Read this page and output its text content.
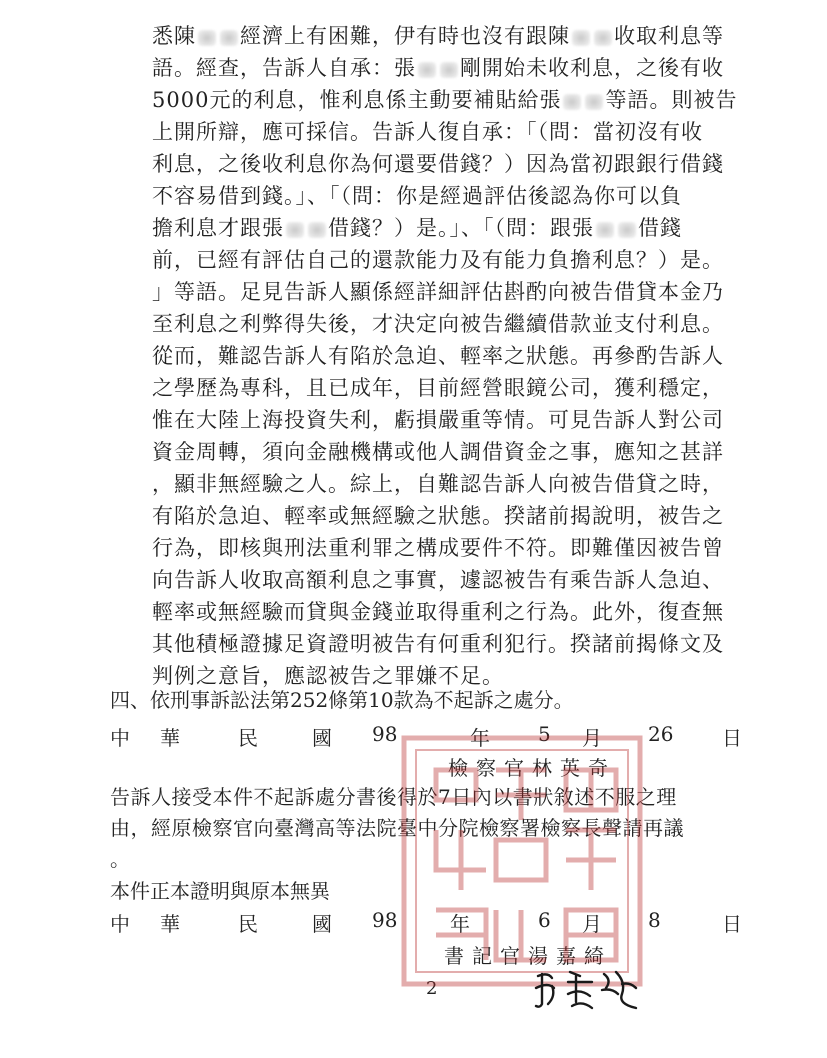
悉陳 經濟上有困難，伊有時也沒有跟陳 收取利息等
語。經查，告訴人自承：張 剛開始未收利息，之後有收
5000元的利息，惟利息係主動要補貼給張 等語。則被告
上開所辯，應可採信。告訴人復自承：「（問：當初沒有收
利息，之後收利息你為何還要借錢？）因為當初跟銀行借錢
不容易借到錢。」、「（問：你是經過評估後認為你可以負
擔利息才跟張 借錢？）是。」、「（問：跟張 借錢
前，已經有評估自己的還款能力及有能力負擔利息？）是。
」等語。足見告訴人顯係經詳細評估斟酌向被告借貸本金乃
至利息之利弊得失後，才決定向被告繼續借款並支付利息。
從而，難認告訴人有陷於急迫、輕率之狀態。再參酌告訴人
之學歷為專科，且已成年，目前經營眼鏡公司，獲利穩定，
惟在大陸上海投資失利，虧損嚴重等情。可見告訴人對公司
資金周轉，須向金融機構或他人調借資金之事，應知之甚詳
，顯非無經驗之人。綜上，自難認告訴人向被告借貸之時，
有陷於急迫、輕率或無經驗之狀態。揆諸前揭說明，被告之
行為，即核與刑法重利罪之構成要件不符。即難僅因被告曾
向告訴人收取高額利息之事實，遽認被告有乘告訴人急迫、
輕率或無經驗而貸與金錢並取得重利之行為。此外，復查無
其他積極證據足資證明被告有何重利犯行。揆諸前揭條文及
判例之意旨，應認被告之罪嫌不足。
四、依刑事訴訟法第252條第10款為不起訴之處分。
中 華	民	國 98	年 5 月 26 日
檢察官林英奇
告訴人接受本件不起訴處分書後得於7日內以書狀敘述不服之理
由，經原檢察官向臺灣高等法院臺中分院檢察署檢察長聲請再議
。
本件正本證明與原本無異
中 華	民	國 98	年	6 月 8	日
書記官湯嘉綺
2
